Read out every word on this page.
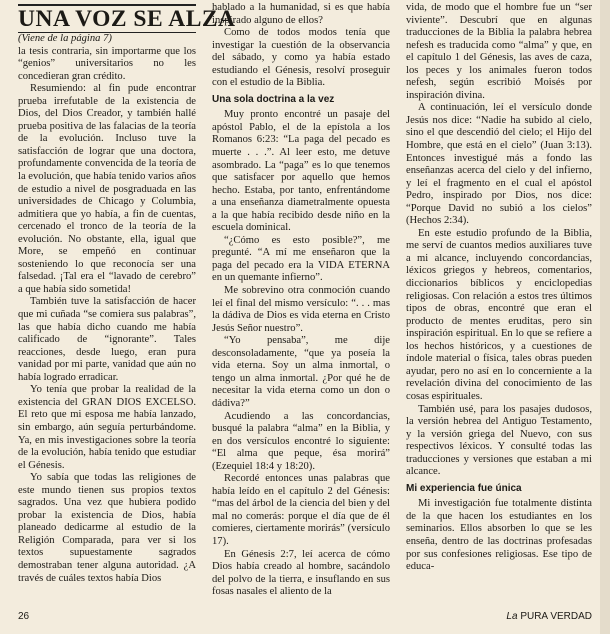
UNA VOZ SE ALZA

(Viene de la página 7)

la tesis contraria, sin importarme que los “genios” universitarios no les concedieran gran crédito.

Resumiendo: al fin pude encontrar prueba irrefutable de la existencia de Dios, del Dios Creador, y también hallé prueba positiva de las falacias de la teoría de la evolución. Incluso tuve la satisfacción de lograr que una doctora, profundamente convencida de la teoría de la evolución, que había tenido varios años de estudio a nivel de posgraduada en las universidades de Chicago y Columbia, admitiera que yo había, a fin de cuentas, cercenado el tronco de la teoría de la evolución. No obstante, ella, igual que More, se empeñó en continuar sosteniendo lo que reconocía ser una falsedad. ¡Tal era el “lavado de cerebro” a que había sido sometida!

También tuve la satisfacción de hacer que mi cuñada “se comiera sus palabras”, las que había dicho cuando me había calificado de “ignorante”. Tales reacciones, desde luego, eran pura vanidad por mi parte, vanidad que aún no había logrado erradicar.

Yo tenía que probar la realidad de la existencia del GRAN DIOS EXCELSO. El reto que mi esposa me había lanzado, sin embargo, aún seguía perturbándome. Ya, en mis investigaciones sobre la teoría de la evolución, había tenido que estudiar el Génesis.

Yo sabía que todas las religiones de este mundo tienen sus propios textos sagrados. Una vez que hubiera podido probar la existencia de Dios, había planeado dedicarme al estudio de la Religión Comparada, para ver si los textos supuestamente sagrados demostraban tener alguna autoridad. ¿A través de cuáles textos había Dios

hablado a la humanidad, si es que había inspirado alguno de ellos?

Como de todos modos tenía que investigar la cuestión de la observancia del sábado, y como ya había estado estudiando el Génesis, resolví proseguir con el estudio de la Biblia.

Una sola doctrina a la vez

Muy pronto encontré un pasaje del apóstol Pablo, el de la epístola a los Romanos 6:23: “La paga del pecado es muerte . . .”. Al leer esto, me detuve asombrado. La “paga” es lo que tenemos que satisfacer por aquello que hemos hecho. Estaba, por tanto, enfrentándome a una enseñanza diametralmente opuesta a la que había recibido desde niño en la escuela dominical.

“¿Cómo es esto posible?”, me pregunté. “A mí me enseñaron que la paga del pecado era la VIDA ETERNA en un quemante infierno”.

Me sobrevino otra conmoción cuando leí el final del mismo versículo: “. . . mas la dádiva de Dios es vida eterna en Cristo Jesús Señor nuestro”.

“Yo pensaba”, me dije desconsoladamente, “que ya poseía la vida eterna. Soy un alma inmortal, o tengo un alma inmortal. ¿Por qué he de necesitar la vida eterna como un don o dádiva?”

Acudiendo a las concordancias, busqué la palabra “alma” en la Biblia, y en dos versículos encontré lo siguiente: “El alma que peque, ésa morirá” (Ezequiel 18:4 y 18:20).

Recordé entonces unas palabras que había leído en el capítulo 2 del Génesis: “mas del árbol de la ciencia del bien y del mal no comerás: porque el día que de él comieres, ciertamente morirás” (versículo 17).

En Génesis 2:7, leí acerca de cómo Dios había creado al hombre, sacándolo del polvo de la tierra, e insuflando en sus fosas nasales el aliento de la

vida, de modo que el hombre fue un “ser viviente”. Descubrí que en algunas traducciones de la Biblia la palabra hebrea nefesh es traducida como “alma” y que, en el capítulo 1 del Génesis, las aves de caza, los peces y los animales fueron todos nefesh, según escribió Moisés por inspiración divina.

A continuación, leí el versículo donde Jesús nos dice: “Nadie ha subido al cielo, sino el que descendió del cielo; el Hijo del Hombre, que está en el cielo” (Juan 3:13). Entonces investigué más a fondo las enseñanzas acerca del cielo y del infierno, y leí el fragmento en el cual el apóstol Pedro, inspirado por Dios, nos dice: “Porque David no subió a los cielos” (Hechos 2:34).

En este estudio profundo de la Biblia, me serví de cuantos medios auxiliares tuve a mi alcance, incluyendo concordancias, léxicos griegos y hebreos, comentarios, diccionarios bíblicos y enciclopedias religiosas. Con relación a estos tres últimos tipos de obras, encontré que eran el producto de mentes eruditas, pero sin inspiración espiritual. En lo que se refiere a los hechos históricos, y a cuestiones de índole material o física, tales obras pueden ayudar, pero no así en lo concerniente a la revelación divina del conocimiento de las cosas espirituales.

También usé, para los pasajes dudosos, la versión hebrea del Antiguo Testamento, y la versión griega del Nuevo, con sus respectivos léxicos. Y consulté todas las traducciones y versiones que estaban a mi alcance.

Mi experiencia fue única

Mi investigación fue totalmente distinta de la que hacen los estudiantes en los seminarios. Ellos absorben lo que se les enseña, dentro de las doctrinas profesadas por sus confesiones religiosas. Ese tipo de educa-

26	La PURA VERDAD
